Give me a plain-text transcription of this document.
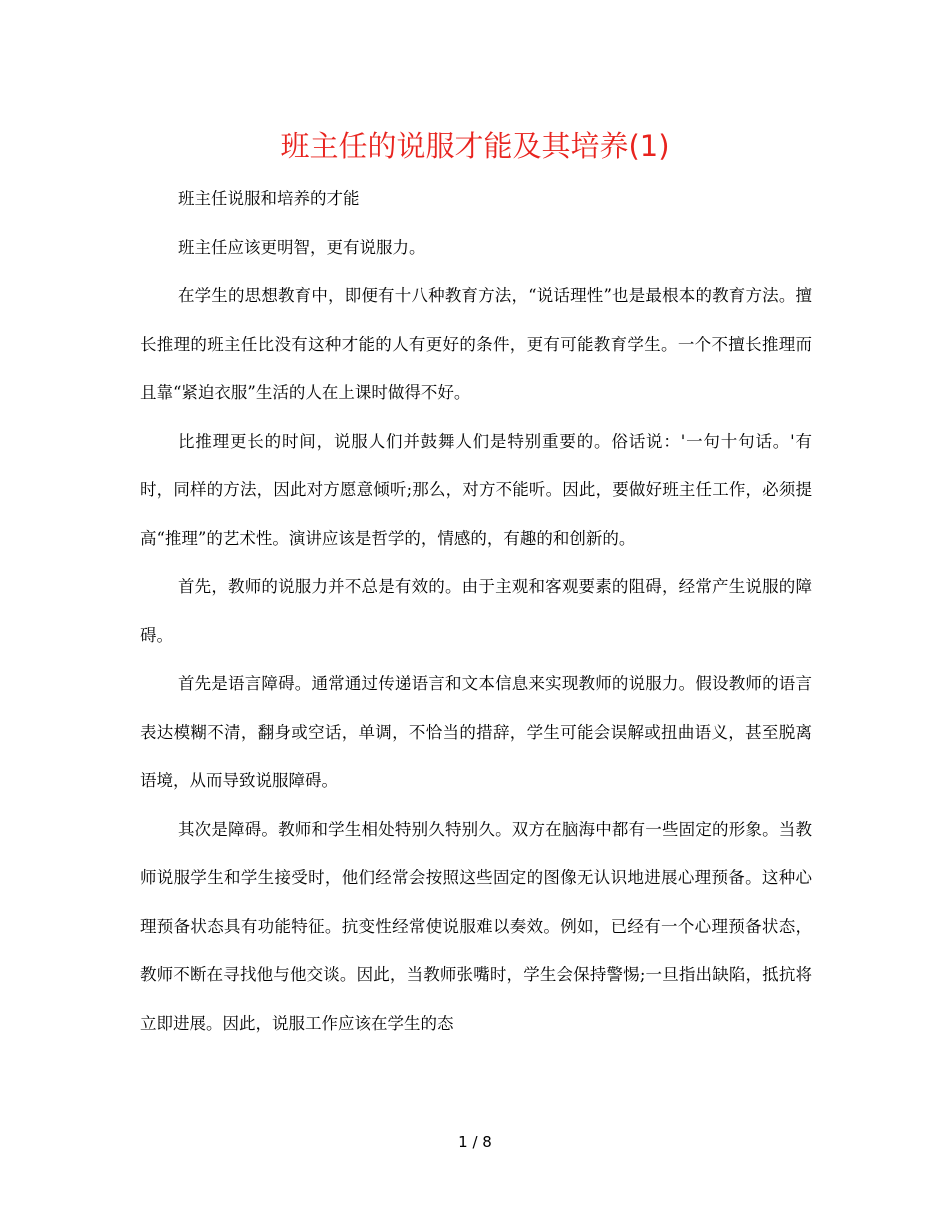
班主任的说服才能及其培养(1)

班主任说服和培养的才能

班主任应该更明智，更有说服力。

在学生的思想教育中，即便有十八种教育方法，“说话理性”也是最根本的教育方法。擅长推理的班主任比没有这种才能的人有更好的条件，更有可能教育学生。一个不擅长推理而且靠“紧迫衣服”生活的人在上课时做得不好。

比推理更长的时间，说服人们并鼓舞人们是特别重要的。俗话说：'一句十句话。'有时，同样的方法，因此对方愿意倾听;那么，对方不能听。因此，要做好班主任工作，必须提高“推理”的艺术性。演讲应该是哲学的，情感的，有趣的和创新的。

首先，教师的说服力并不总是有效的。由于主观和客观要素的阻碍，经常产生说服的障碍。

首先是语言障碍。通常通过传递语言和文本信息来实现教师的说服力。假设教师的语言表达模糊不清，翻身或空话，单调，不恰当的措辞，学生可能会误解或扭曲语义，甚至脱离语境，从而导致说服障碍。

其次是障碍。教师和学生相处特别久特别久。双方在脑海中都有一些固定的形象。当教师说服学生和学生接受时，他们经常会按照这些固定的图像无认识地进展心理预备。这种心理预备状态具有功能特征。抗变性经常使说服难以奏效。例如，已经有一个心理预备状态，教师不断在寻找他与他交谈。因此，当教师张嘴时，学生会保持警惕;一旦指出缺陷，抵抗将立即进展。因此，说服工作应该在学生的态

1 / 8
